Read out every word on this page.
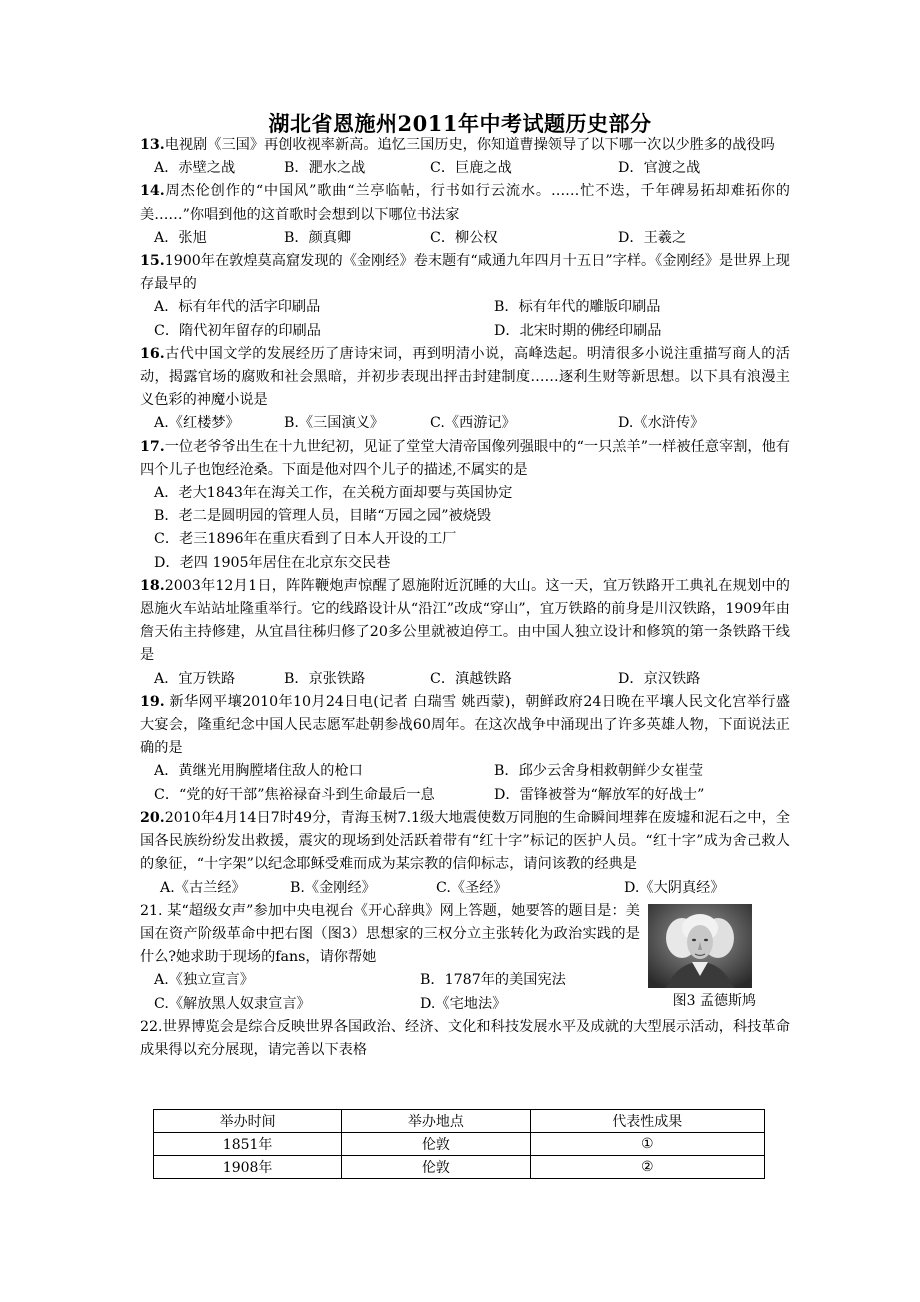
湖北省恩施州2011年中考试题历史部分

13.电视剧《三国》再创收视率新高。追忆三国历史，你知道曹操领导了以下哪一次以少胜多的战役吗

A．赤壁之战	B．淝水之战	C．巨鹿之战	D．官渡之战

14.周杰伦创作的“中国风”歌曲“兰亭临帖，行书如行云流水。……忙不迭，千年碑易拓却难拓你的美……”你唱到他的这首歌时会想到以下哪位书法家

A．张旭	B．颜真卿	C．柳公权	D．王羲之

15.1900年在敦煌莫高窟发现的《金刚经》卷末题有“咸通九年四月十五日”字样。《金刚经》是世界上现存最早的

A．标有年代的活字印刷品	B．标有年代的雕版印刷品
C．隋代初年留存的印刷品	D．北宋时期的佛经印刷品

16.古代中国文学的发展经历了唐诗宋词，再到明清小说，高峰迭起。明清很多小说注重描写商人的活动，揭露官场的腐败和社会黑暗，并初步表现出抨击封建制度……逐利生财等新思想。以下具有浪漫主义色彩的神魔小说是

A.《红楼梦》	B.《三国演义》	C.《西游记》	D.《水浒传》

17.一位老爷爷出生在十九世纪初，见证了堂堂大清帝国像列强眼中的“一只羔羊”一样被任意宰割，他有四个儿子也饱经沧桑。下面是他对四个儿子的描述,不属实的是

A．老大1843年在海关工作，在关税方面却要与英国协定
B．老二是圆明园的管理人员，目睹“万园之园”被烧毁
C．老三1896年在重庆看到了日本人开设的工厂
D．老四 1905年居住在北京东交民巷

18.2003年12月1日，阵阵鞭炮声惊醒了恩施附近沉睡的大山。这一天，宜万铁路开工典礼在规划中的恩施火车站站址隆重举行。它的线路设计从“沿江”改成“穿山”，宜万铁路的前身是川汉铁路，1909年由詹天佑主持修建，从宜昌往秭归修了20多公里就被迫停工。由中国人独立设计和修筑的第一条铁路干线是

A．宜万铁路	B．京张铁路	C．滇越铁路	D．京汉铁路

19. 新华网平壤2010年10月24日电(记者 白瑞雪 姚西蒙)，朝鲜政府24日晚在平壤人民文化宫举行盛大宴会，隆重纪念中国人民志愿军赴朝参战60周年。在这次战争中涌现出了许多英雄人物，下面说法正确的是

A．黄继光用胸膛堵住敌人的枪口	B．邱少云舍身相救朝鲜少女崔莹
C．“党的好干部”焦裕禄奋斗到生命最后一息	D．雷锋被誉为“解放军的好战士”

20.2010年4月14日7时49分，青海玉树7.1级大地震使数万同胞的生命瞬间埋葬在废墟和泥石之中，全国各民族纷纷发出救援，震灾的现场到处活跃着带有“红十字”标记的医护人员。“红十字”成为舍己救人的象征，“十字架”以纪念耶稣受难而成为某宗教的信仰标志，请问该教的经典是

A.《古兰经》	B.《金刚经》	C.《圣经》	D.《大阴真经》

21. 某“超级女声”参加中央电视台《开心辞典》网上答题，她要答的题目是：美国在资产阶级革命中把右图（图3）思想家的三权分立主张转化为政治实践的是什么?她求助于现场的fans，请你帮她

A.《独立宣言》	B．1787年的美国宪法
C.《解放黑人奴隶宣言》	D.《宅地法》	图3 孟德斯鸠

22.世界博览会是综合反映世界各国政治、经济、文化和科技发展水平及成就的大型展示活动，科技革命成果得以充分展现，请完善以下表格

举办时间	举办地点	代表性成果
1851年	伦敦	①
1908年	伦敦	②
